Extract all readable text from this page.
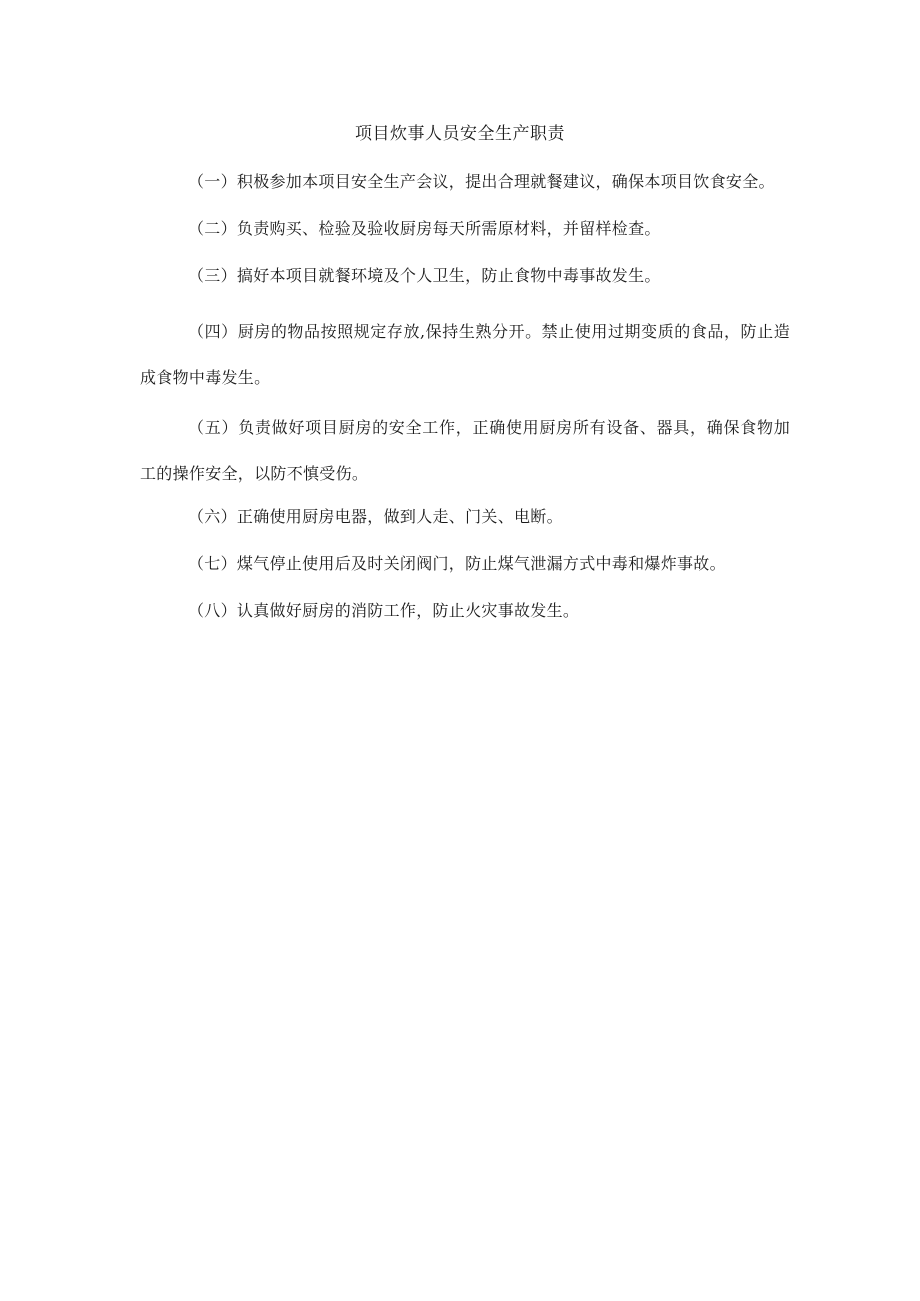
项目炊事人员安全生产职责

（一）积极参加本项目安全生产会议，提出合理就餐建议，确保本项目饮食安全。

（二）负责购买、检验及验收厨房每天所需原材料，并留样检查。

（三）搞好本项目就餐环境及个人卫生，防止食物中毒事故发生。

（四）厨房的物品按照规定存放,保持生熟分开。禁止使用过期变质的食品，防止造成食物中毒发生。

（五）负责做好项目厨房的安全工作，正确使用厨房所有设备、器具，确保食物加工的操作安全，以防不慎受伤。

（六）正确使用厨房电器，做到人走、门关、电断。

（七）煤气停止使用后及时关闭阀门，防止煤气泄漏方式中毒和爆炸事故。

（八）认真做好厨房的消防工作，防止火灾事故发生。
